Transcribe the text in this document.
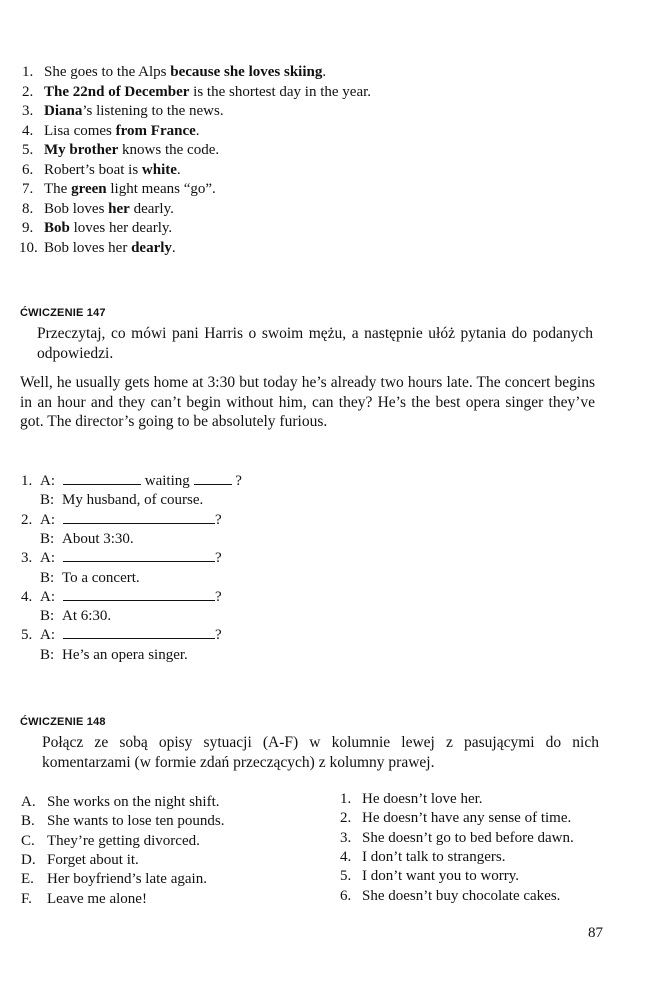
1. She goes to the Alps because she loves skiing.
2. The 22nd of December is the shortest day in the year.
3. Diana’s listening to the news.
4. Lisa comes from France.
5. My brother knows the code.
6. Robert’s boat is white.
7. The green light means “go”.
8. Bob loves her dearly.
9. Bob loves her dearly.
10. Bob loves her dearly.
ĆWICZENIE 147
Przeczytaj, co mówi pani Harris o swoim mężu, a następnie ułóż pytania do podanych odpowiedzi.
Well, he usually gets home at 3:30 but today he’s already two hours late. The concert begins in an hour and they can’t begin without him, can they? He’s the best opera singer they’ve got. The director’s going to be absolutely furious.
1. A:	waiting	?
B: My husband, of course.
2. A:	?
B: About 3:30.
3. A:	?
B: To a concert.
4. A:	?
B: At 6:30.
5. A:	?
B: He’s an opera singer.
ĆWICZENIE 148
Połącz ze sobą opisy sytuacji (A-F) w kolumnie lewej z pasującymi do nich komentarzami (w formie zdań przeczących) z kolumny prawej.
A. She works on the night shift.
B. She wants to lose ten pounds.
C. They’re getting divorced.
D. Forget about it.
E. Her boyfriend’s late again.
F. Leave me alone!
1. He doesn’t love her.
2. He doesn’t have any sense of time.
3. She doesn’t go to bed before dawn.
4. I don’t talk to strangers.
5. I don’t want you to worry.
6. She doesn’t buy chocolate cakes.
87
